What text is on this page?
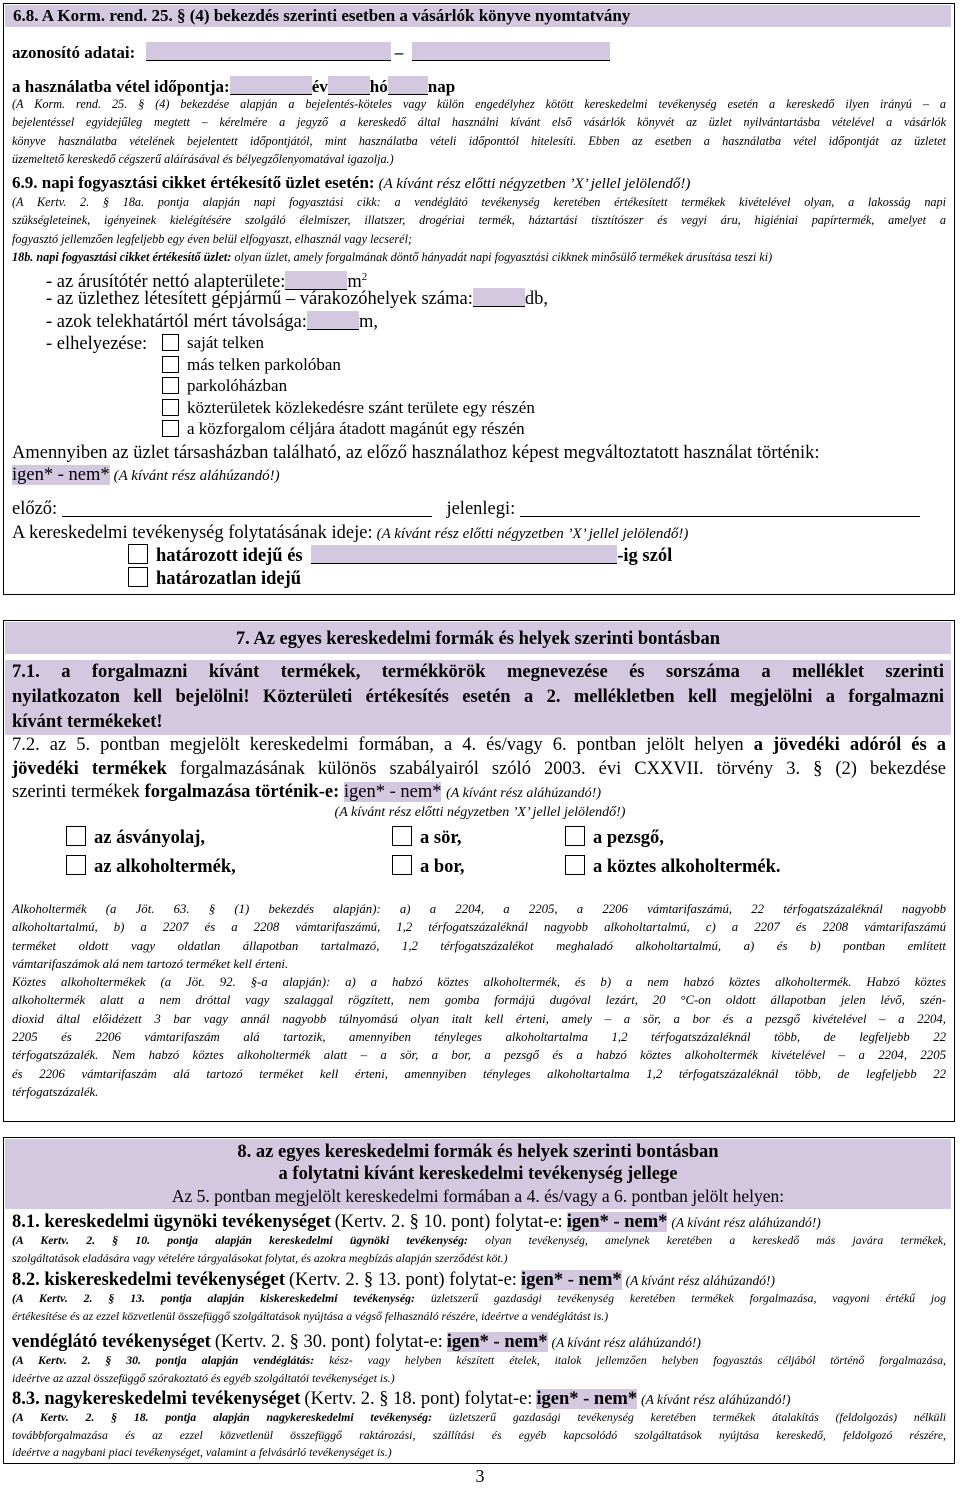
6.8. A Korm. rend. 25. § (4) bekezdés szerinti esetben a vásárlók könyve nyomtatvány
azonosító adatai:	–
a használatba vétel időpontja:	év hó nap
(A Korm. rend. 25. § (4) bekezdése alapján a bejelentés-köteles vagy külön engedélyhez kötött kereskedelmi tevékenység esetén a kereskedő ilyen irányú – a
bejelentéssel egyidejűleg megtett – kérelmére a jegyző a kereskedő által használni kívánt első vásárlók könyvét az üzlet nyilvántartásba vételével a vásárlók
könyve használatba vételének bejelentett időpontjától, mint használatba vételi időponttól hitelesíti. Ebben az esetben a használatba vétel időpontját az üzletet
üzemeltető kereskedő cégszerű aláírásával és bélyegzőlenyomatával igazolja.)
6.9. napi fogyasztási cikket értékesítő üzlet esetén: (A kívánt rész előtti négyzetben ’X’ jellel jelölendő!)
(A Kertv. 2. § 18a. pontja alapján napi fogyasztási cikk: a vendéglátó tevékenység keretében értékesített termékek kivételével olyan, a lakosság napi
szükségleteinek, igényeinek kielégítésére szolgáló élelmiszer, illatszer, drogériai termék, háztartási tisztítószer és vegyi áru, higiéniai papírtermék, amelyet a
fogyasztó jellemzően legfeljebb egy éven belül elfogyaszt, elhasznál vagy lecserél;
18b. napi fogyasztási cikket értékesítő üzlet: olyan üzlet, amely forgalmának döntő hányadát napi fogyasztási cikknek minősülő termékek árusítása teszi ki)
- az árusítótér nettó alapterülete:	$m^2$
- az üzlethez létesített gépjármű – várakozóhelyek száma:	db,
- azok telekhatártól mért távolsága:	m,
- elhelyezése:	saját telken
más telken parkolóban
parkolóházban
közterületek közlekedésre szánt területe egy részén
a közforgalom céljára átadott magánút egy részén
Amennyiben az üzlet társasházban található, az előző használathoz képest megváltoztatott használat történik:
igen* - nem* (A kívánt rész aláhúzandó!)
előző:	jelenlegi:
A kereskedelmi tevékenység folytatásának ideje: (A kívánt rész előtti négyzetben ’X’ jellel jelölendő!)
határozott idejű és	-ig szól
határozatlan idejű
7. Az egyes kereskedelmi formák és helyek szerinti bontásban
7.1. a forgalmazni kívánt termékek, termékkörök megnevezése és sorszáma a melléklet szerinti
nyilatkozaton kell bejelölni! Közterületi értékesítés esetén a 2. mellékletben kell megjelölni a forgalmazni
kívánt termékeket!
7.2. az 5. pontban megjelölt kereskedelmi formában, a 4. és/vagy 6. pontban jelölt helyen a jövedéki adóról és a
jövedéki termékek forgalmazásának különös szabályairól szóló 2003. évi CXXVII. törvény 3. § (2) bekezdése
szerinti termékek forgalmazása történik-e: igen* - nem* (A kívánt rész aláhúzandó!)
(A kívánt rész előtti négyzetben ’X’ jellel jelölendő!)
az ásványolaj,	a sör,	a pezsgő,
az alkoholtermék,	a bor,	a köztes alkoholtermék.
Alkoholtermék (a Jöt. 63. § (1) bekezdés alapján): a) a 2204, a 2205, a 2206 vámtarifaszámú, 22 térfogatszázaléknál nagyobb
alkoholtartalmú, b) a 2207 és a 2208 vámtarifaszámú, 1,2 térfogatszázaléknál nagyobb alkoholtartalmú, c) a 2207 és 2208 vámtarifaszámú
terméket oldott vagy oldatlan állapotban tartalmazó, 1,2 térfogatszázalékot meghaladó alkoholtartalmú, a) és b) pontban említett
vámtarifaszámok alá nem tartozó terméket kell érteni.
Köztes alkoholtermékek (a Jöt. 92. §-a alapján): a) a habzó köztes alkoholtermék, és b) a nem habzó köztes alkoholtermék. Habzó köztes
alkoholtermék alatt a nem dróttal vagy szalaggal rögzített, nem gomba formájú dugóval lezárt, 20 °C-on oldott állapotban jelen lévő, szén-
dioxid által előidézett 3 bar vagy annál nagyobb túlnyomású olyan italt kell érteni, amely – a sör, a bor és a pezsgő kivételével – a 2204,
2205 és 2206 vámtarifaszám alá tartozik, amennyiben tényleges alkoholtartalma 1,2 térfogatszázaléknál több, de legfeljebb 22
térfogatszázalék. Nem habzó köztes alkoholtermék alatt – a sör, a bor, a pezsgő és a habzó köztes alkoholtermék kivételével – a 2204, 2205
és 2206 vámtarifaszám alá tartozó terméket kell érteni, amennyiben tényleges alkoholtartalma 1,2 térfogatszázaléknál több, de legfeljebb 22
térfogatszázalék.
8. az egyes kereskedelmi formák és helyek szerinti bontásban
a folytatni kívánt kereskedelmi tevékenység jellege
Az 5. pontban megjelölt kereskedelmi formában a 4. és/vagy a 6. pontban jelölt helyen:
8.1. kereskedelmi ügynöki tevékenységet (Kertv. 2. § 10. pont) folytat-e: igen* - nem* (A kívánt rész aláhúzandó!)
(A Kertv. 2. § 10. pontja alapján kereskedelmi ügynöki tevékenység: olyan tevékenység, amelynek keretében a kereskedő más javára termékek,
szolgáltatások eladására vagy vételére tárgyalásokat folytat, és azokra megbízás alapján szerződést köt.)
8.2. kiskereskedelmi tevékenységet (Kertv. 2. § 13. pont) folytat-e: igen* - nem* (A kívánt rész aláhúzandó!)
(A Kertv. 2. § 13. pontja alapján kiskereskedelmi tevékenység: üzletszerű gazdasági tevékenység keretében termékek forgalmazása, vagyoni értékű jog
értékesítése és az ezzel közvetlenül összefüggő szolgáltatások nyújtása a végső felhasználó részére, ideértve a vendéglátást is.)
vendéglátó tevékenységet (Kertv. 2. § 30. pont) folytat-e: igen* - nem* (A kívánt rész aláhúzandó!)
(A Kertv. 2. § 30. pontja alapján vendéglátás: kész- vagy helyben készített ételek, italok jellemzően helyben fogyasztás céljából történő forgalmazása,
ideértve az azzal összefüggő szórakoztató és egyéb szolgáltatói tevékenységet is.)
8.3. nagykereskedelmi tevékenységet (Kertv. 2. § 18. pont) folytat-e: igen* - nem* (A kívánt rész aláhúzandó!)
(A Kertv. 2. § 18. pontja alapján nagykereskedelmi tevékenység: üzletszerű gazdasági tevékenység keretében termékek átalakítás (feldolgozás) nélküli
továbbforgalmazása és az ezzel közvetlenül összefüggő raktározási, szállítási és egyéb kapcsolódó szolgáltatások nyújtása kereskedő, feldolgozó részére,
ideértve a nagybani piaci tevékenységet, valamint a felvásárló tevékenységet is.)
3
